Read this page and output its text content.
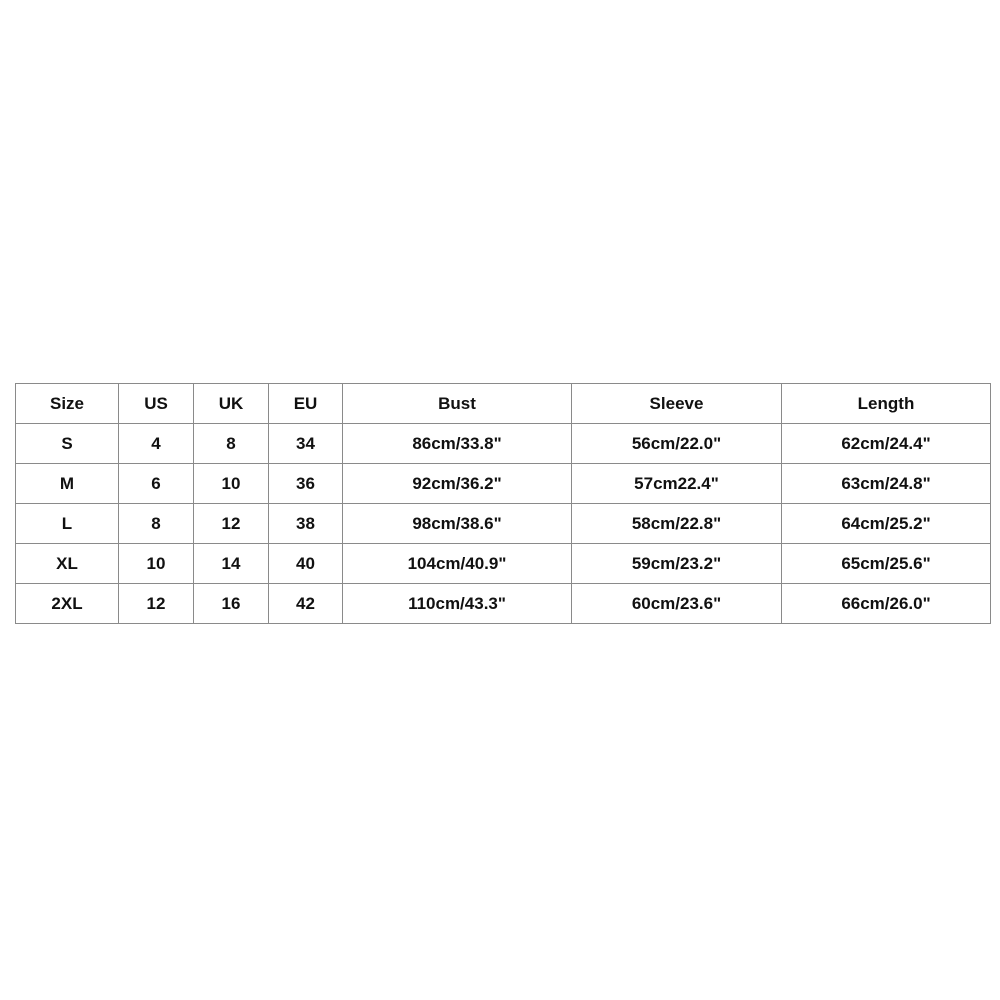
Size	US	UK	EU	Bust	Sleeve	Length
S	4	8	34	86cm/33.8"	56cm/22.0"	62cm/24.4"
M	6	10	36	92cm/36.2"	57cm22.4"	63cm/24.8"
L	8	12	38	98cm/38.6"	58cm/22.8"	64cm/25.2"
XL	10	14	40	104cm/40.9"	59cm/23.2"	65cm/25.6"
2XL	12	16	42	110cm/43.3"	60cm/23.6"	66cm/26.0"
